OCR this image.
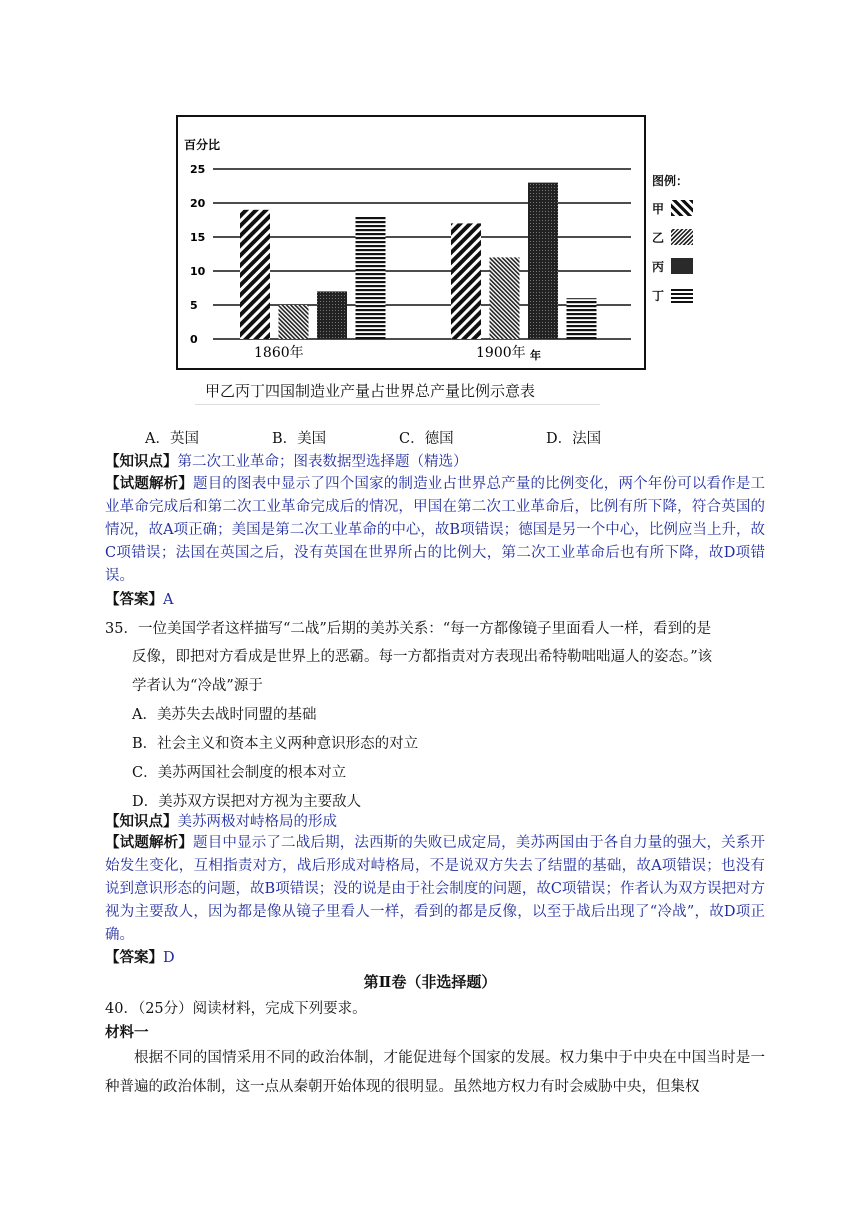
百分比
0
5
10
15
20
25
1860年	1900年 年
甲乙丙丁四国制造业产量占世界总产量比例示意表
A．英国	B．美国	C．德国	D．法国
【知识点】第二次工业革命；图表数据型选择题（精选）
【试题解析】题目的图表中显示了四个国家的制造业占世界总产量的比例变化，两个年份可以看作是工业革命完成后和第二次工业革命完成后的情况，甲国在第二次工业革命后，比例有所下降，符合英国的情况，故A项正确；美国是第二次工业革命的中心，故B项错误；德国是另一个中心，比例应当上升，故C项错误；法国在英国之后，没有英国在世界所占的比例大，第二次工业革命后也有所下降，故D项错误。
【答案】A
35．一位美国学者这样描写“二战”后期的美苏关系：“每一方都像镜子里面看人一样，看到的是
反像，即把对方看成是世界上的恶霸。每一方都指责对方表现出希特勒咄咄逼人的姿态。”该
学者认为“冷战”源于
A．美苏失去战时同盟的基础
B．社会主义和资本主义两种意识形态的对立
C．美苏两国社会制度的根本对立
D．美苏双方误把对方视为主要敌人
【知识点】美苏两极对峙格局的形成
【试题解析】题目中显示了二战后期，法西斯的失败已成定局，美苏两国由于各自力量的强大，关系开始发生变化，互相指责对方，战后形成对峙格局，不是说双方失去了结盟的基础，故A项错误；也没有说到意识形态的问题，故B项错误；没的说是由于社会制度的问题，故C项错误；作者认为双方误把对方视为主要敌人，因为都是像从镜子里看人一样，看到的都是反像，以至于战后出现了“冷战”，故D项正确。
【答案】D
第Ⅱ卷（非选择题）
40．（25分）阅读材料，完成下列要求。
材料一
根据不同的国情采用不同的政治体制，才能促进每个国家的发展。权力集中于中央在中国当时是一种普遍的政治体制，这一点从秦朝开始体现的很明显。虽然地方权力有时会威胁中央，但集权
图例：
甲
乙
丙
丁
